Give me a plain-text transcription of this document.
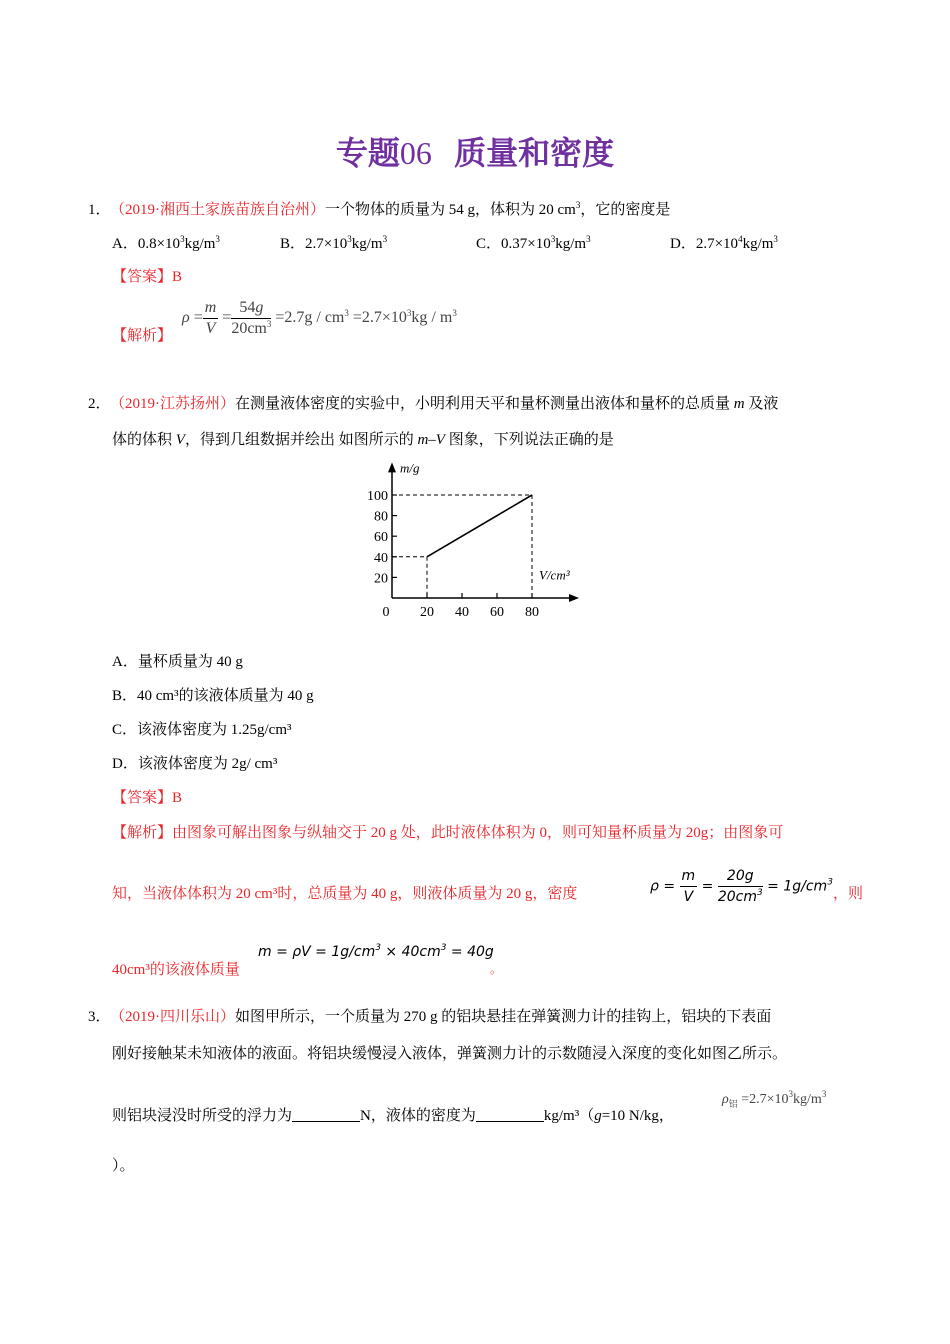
专题06 质量和密度
1． （2019·湘西土家族苗族自治州）一个物体的质量为 54 g，体积为 20 $cm^3$，它的密度是
A．$0.8\times 10^3kg/m^3$	B．$2.7\times 10^3kg/m^3$	C．$0.37\times 10^3kg/m^3$	D．$2.7\times 10^4kg/m^3$
【答案】B
【解析】
$\rho = \frac{m}{V} = \frac{54g}{20cm^3} =2.7g / cm^3 =2.7\times 10^3kg / m^3$
2． （2019·江苏扬州）在测量液体密度的实验中，小明利用天平和量杯测量出液体和量杯的总质量 m 及液
体的体积 V，得到几组数据并绘出 如图所示的 m–V 图象，下列说法正确的是
m/g
V/cm³
100
80
60
40
20
0 20 40 60 80
A．量杯质量为 40 g
B．40 cm³的该液体质量为 40 g
C．该液体密度为 1.25g/cm³
D．该液体密度为 2g/ cm³
【答案】B
【解析】由图象可解出图象与纵轴交于 20 g 处，此时液体体积为 0，则可知量杯质量为 20g；由图象可
知，当液体体积为 20 cm³时，总质量为 40 g，则液体质量为 20 g，密度	$\rho = \frac{m}{V} = \frac{20g}{20cm^3} = 1g/cm^3$
，则
40cm³的该液体质量
$m = \rho V = 1g/cm^3 \times 40cm^3 = 40g$
。
3． （2019·四川乐山）如图甲所示，一个质量为 270 g 的铝块悬挂在弹簧测力计的挂钩上，铝块的下表面
刚好接触某未知液体的液面。将铝块缓慢浸入液体，弹簧测力计的示数随浸入深度的变化如图乙所示。
则铝块浸没时所受的浮力为	N，液体的密度为	kg/m³（g=10 N/kg，
$\rho_铝 =2.7\times 10^3kg/m^3$
）。
